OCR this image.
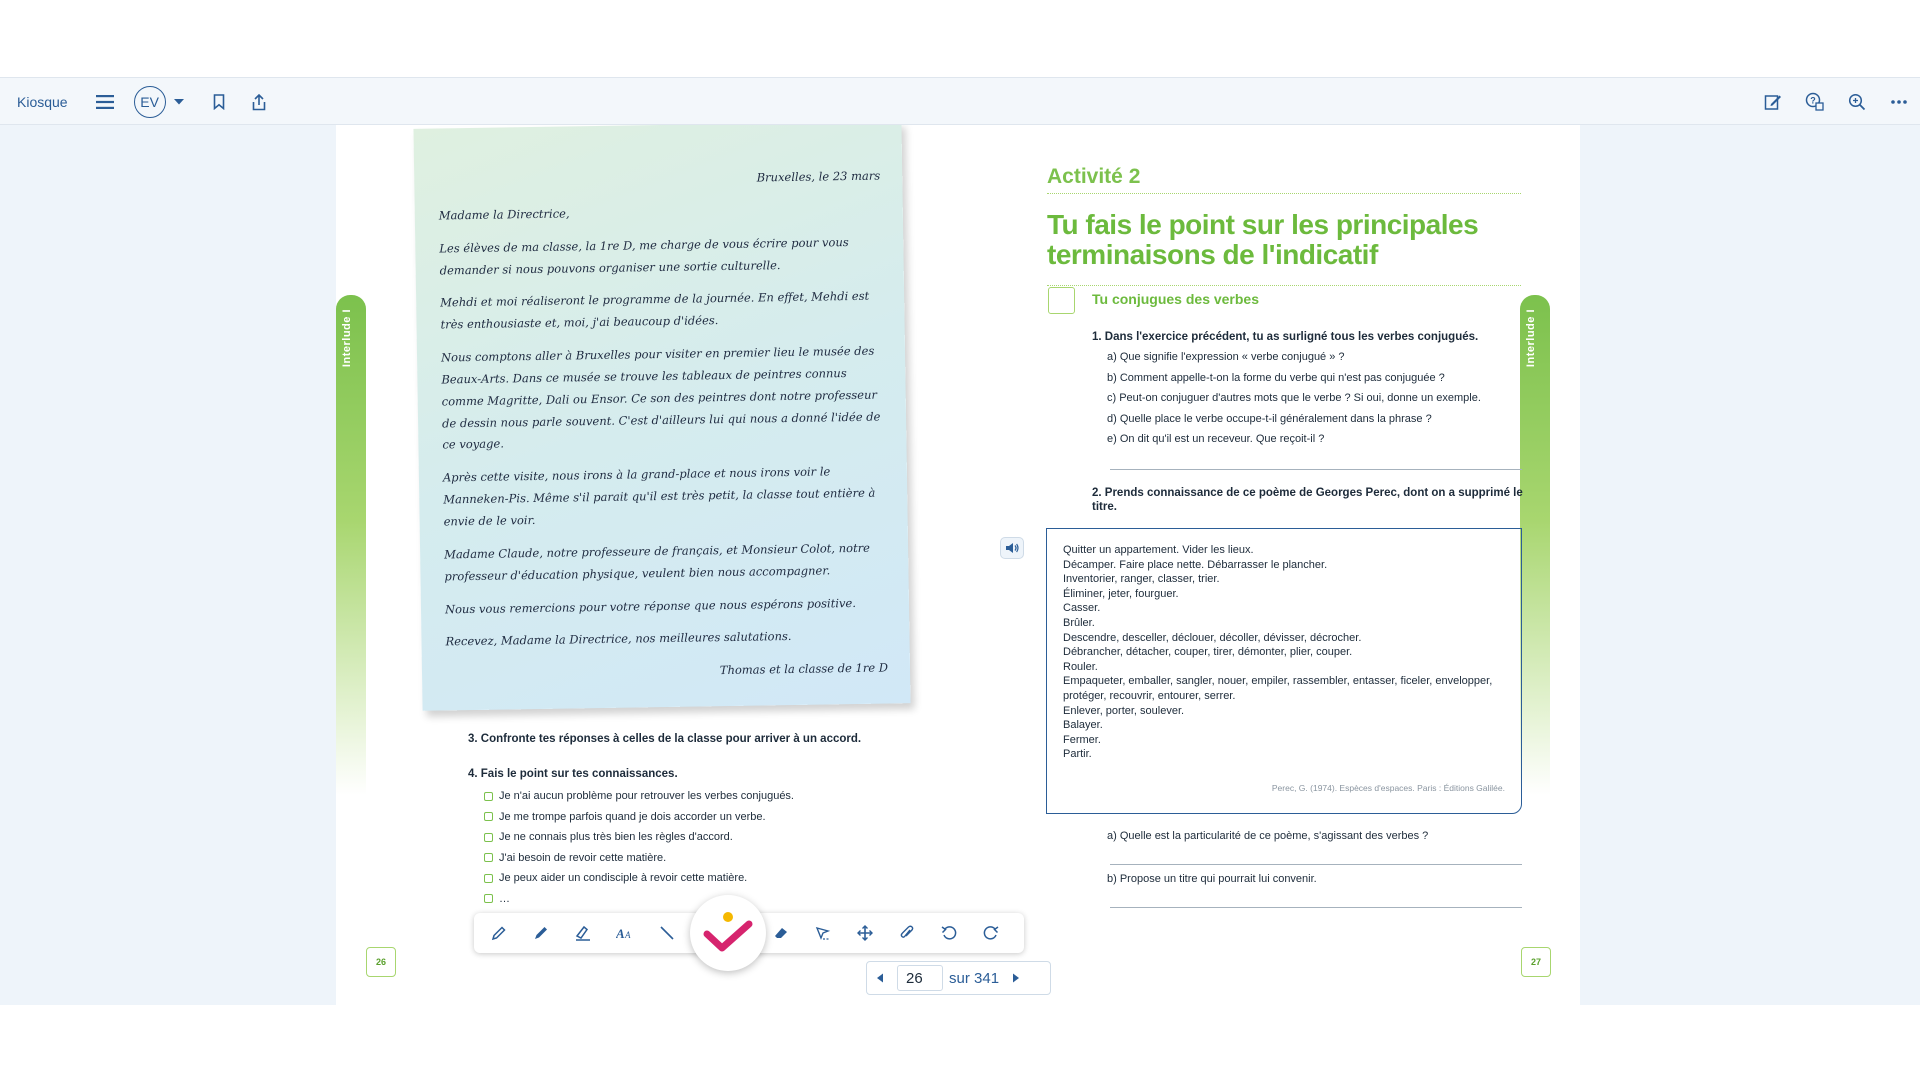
Kiosque	EV	?
Interlude I

Bruxelles, le 23 mars

Madame la Directrice,

Les élèves de ma classe, la 1re D, me charge de vous écrire pour vous demander si nous pouvons organiser une sortie culturelle.

Mehdi et moi réaliseront le programme de la journée. En effet, Mehdi est très enthousiaste et, moi, j'ai beaucoup d'idées.

Nous comptons aller à Bruxelles pour visiter en premier lieu le musée des Beaux-Arts. Dans ce musée se trouve les tableaux de peintres connus comme Magritte, Dali ou Ensor. Ce son des peintres dont notre professeur de dessin nous parle souvent. C'est d'ailleurs lui qui nous a donné l'idée de ce voyage.

Après cette visite, nous irons à la grand-place et nous irons voir le Manneken-Pis. Même s'il parait qu'il est très petit, la classe tout entière à envie de le voir.

Madame Claude, notre professeure de français, et Monsieur Colot, notre professeur d'éducation physique, veulent bien nous accompagner.

Nous vous remercions pour votre réponse que nous espérons positive.

Recevez, Madame la Directrice, nos meilleures salutations.

Thomas et la classe de 1re D

3. Confronte tes réponses à celles de la classe pour arriver à un accord.
4. Fais le point sur tes connaissances.
Je n'ai aucun problème pour retrouver les verbes conjugués.
Je me trompe parfois quand je dois accorder un verbe.
Je ne connais plus très bien les règles d'accord.
J'ai besoin de revoir cette matière.
Je peux aider un condisciple à revoir cette matière.
…
26
Interlude I
Activité 2
Tu fais le point sur les principales terminaisons de l'indicatif
Tu conjugues des verbes
1. Dans l'exercice précédent, tu as surligné tous les verbes conjugués.
a) Que signifie l'expression « verbe conjugué » ?
b) Comment appelle-t-on la forme du verbe qui n'est pas conjuguée ?
c) Peut-on conjuguer d'autres mots que le verbe ? Si oui, donne un exemple.
d) Quelle place le verbe occupe-t-il généralement dans la phrase ?
e) On dit qu'il est un receveur. Que reçoit-il ?
2. Prends connaissance de ce poème de Georges Perec, dont on a supprimé le titre.
Quitter un appartement. Vider les lieux.
Décamper. Faire place nette. Débarrasser le plancher.
Inventorier, ranger, classer, trier.
Éliminer, jeter, fourguer.
Casser.
Brûler.
Descendre, desceller, déclouer, décoller, dévisser, décrocher.
Débrancher, détacher, couper, tirer, démonter, plier, couper.
Rouler.
Empaqueter, emballer, sangler, nouer, empiler, rassembler, entasser, ficeler, envelopper,
protéger, recouvrir, entourer, serrer.
Enlever, porter, soulever.
Balayer.
Fermer.
Partir.
Perec, G. (1974). Espèces d'espaces. Paris : Éditions Galilée.
a) Quelle est la particularité de ce poème, s'agissant des verbes ?
b) Propose un titre qui pourrait lui convenir.
27
A A
26
sur 341
